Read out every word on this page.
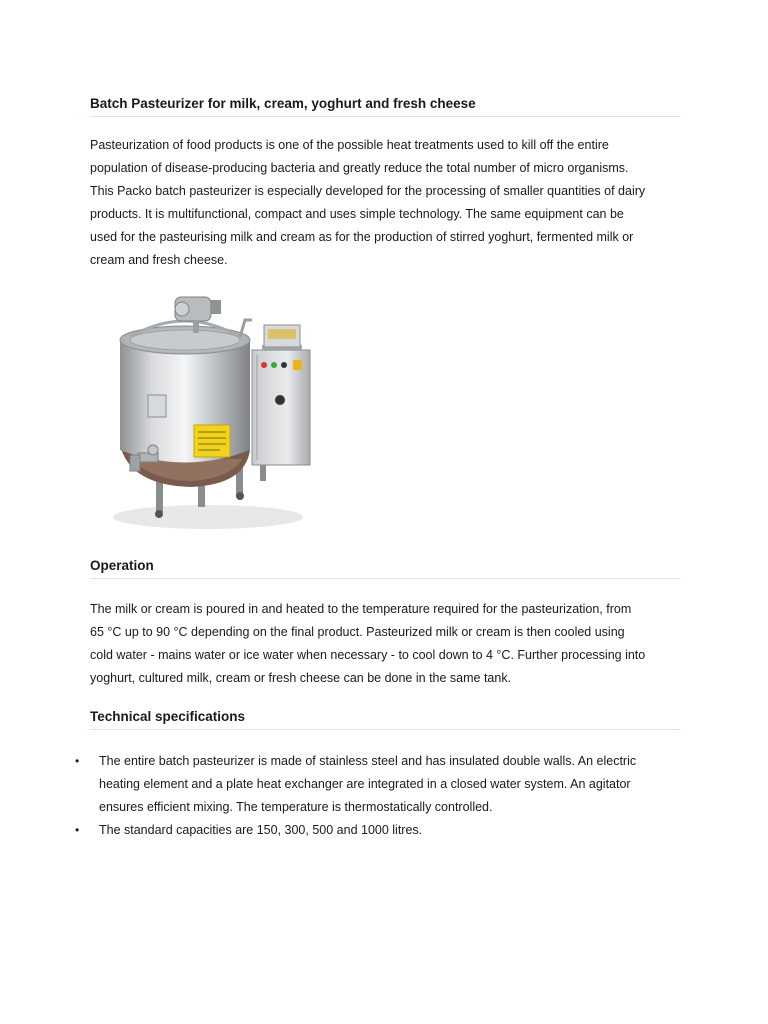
Batch Pasteurizer for milk, cream, yoghurt and fresh cheese

Pasteurization of food products is one of the possible heat treatments used to kill off the entire
population of disease-producing bacteria and greatly reduce the total number of micro organisms.
This Packo batch pasteurizer is especially developed for the processing of smaller quantities of dairy
products. It is multifunctional, compact and uses simple technology. The same equipment can be
used for the pasteurising milk and cream as for the production of stirred yoghurt, fermented milk or
cream and fresh cheese.

Operation

The milk or cream is poured in and heated to the temperature required for the pasteurization, from
65 °C up to 90 °C depending on the final product. Pasteurized milk or cream is then cooled using
cold water - mains water or ice water when necessary - to cool down to 4 °C. Further processing into
yoghurt, cultured milk, cream or fresh cheese can be done in the same tank.

Technical specifications
• The entire batch pasteurizer is made of stainless steel and has insulated double walls. An electric
heating element and a plate heat exchanger are integrated in a closed water system. An agitator
ensures efficient mixing. The temperature is thermostatically controlled.
• The standard capacities are 150, 300, 500 and 1000 litres.
